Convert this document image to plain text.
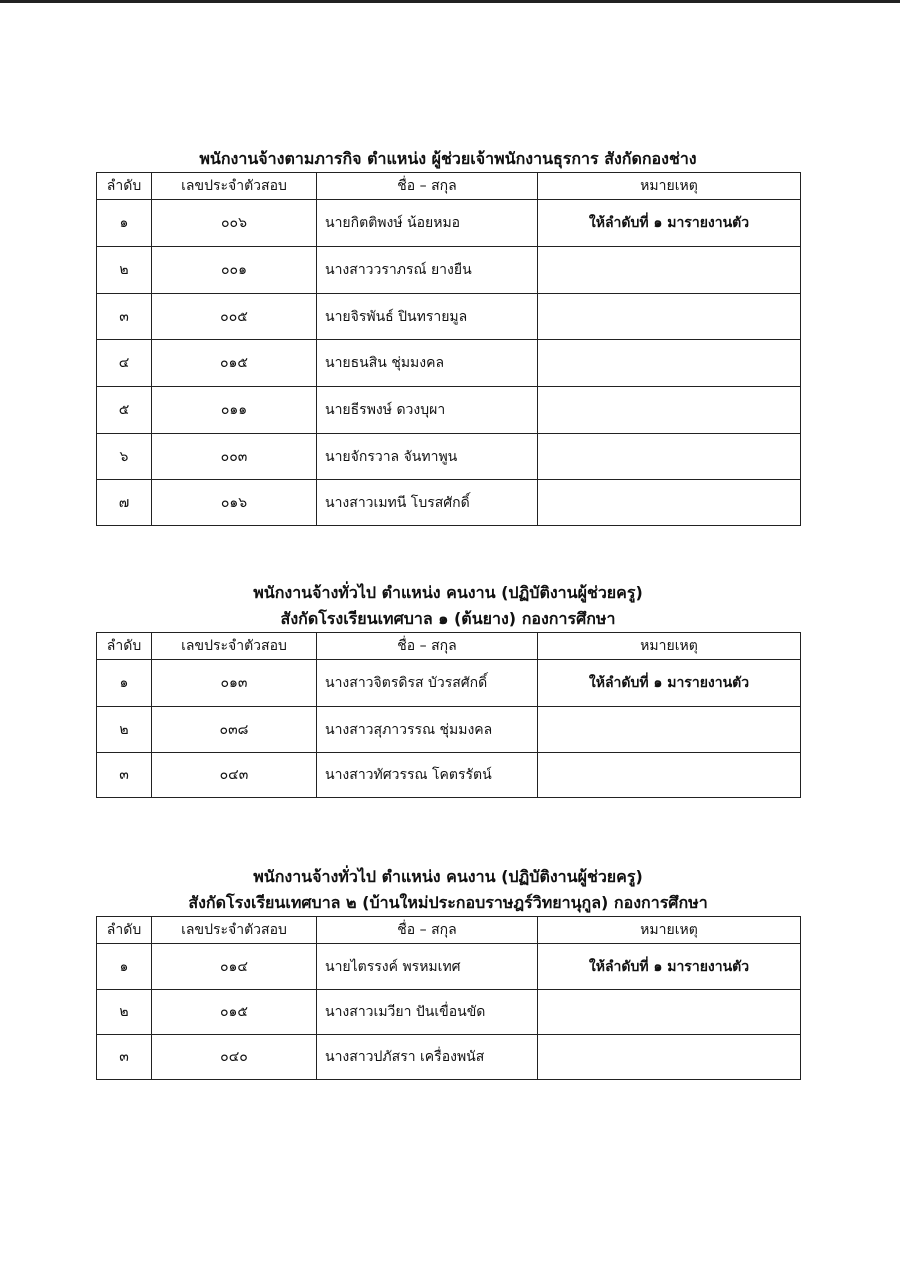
พนักงานจ้างตามภารกิจ ตำแหน่ง ผู้ช่วยเจ้าพนักงานธุรการ สังกัดกองช่าง
ลำดับ	เลขประจำตัวสอบ	ชื่อ – สกุล	หมายเหตุ
๑	๐๐๖	นายกิตติพงษ์ น้อยหมอ	ให้ลำดับที่ ๑ มารายงานตัว
๒	๐๐๑	นางสาววราภรณ์ ยางยืน	
๓	๐๐๕	นายจิรพันธ์ ปินทรายมูล	
๔	๐๑๕	นายธนสิน ชุ่มมงคล	
๕	๐๑๑	นายธีรพงษ์ ดวงบุผา	
๖	๐๐๓	นายจักรวาล จันทาพูน	
๗	๐๑๖	นางสาวเมทนี โบรสศักดิ์	
พนักงานจ้างทั่วไป ตำแหน่ง คนงาน (ปฏิบัติงานผู้ช่วยครู)
สังกัดโรงเรียนเทศบาล ๑ (ต้นยาง) กองการศึกษา
ลำดับ	เลขประจำตัวสอบ	ชื่อ – สกุล	หมายเหตุ
๑	๐๑๓	นางสาวจิตรดิรส บัวรสศักดิ์	ให้ลำดับที่ ๑ มารายงานตัว
๒	๐๓๘	นางสาวสุภาวรรณ ชุ่มมงคล	
๓	๐๔๓	นางสาวทัศวรรณ โคตรรัตน์	
พนักงานจ้างทั่วไป ตำแหน่ง คนงาน (ปฏิบัติงานผู้ช่วยครู)
สังกัดโรงเรียนเทศบาล ๒ (บ้านใหม่ประกอบราษฎร์วิทยานุกูล) กองการศึกษา
ลำดับ	เลขประจำตัวสอบ	ชื่อ – สกุล	หมายเหตุ
๑	๐๑๔	นายไตรรงค์ พรหมเทศ	ให้ลำดับที่ ๑ มารายงานตัว
๒	๐๑๕	นางสาวเมวียา ปันเขื่อนขัด	
๓	๐๔๐	นางสาวปภัสรา เครื่องพนัส	
